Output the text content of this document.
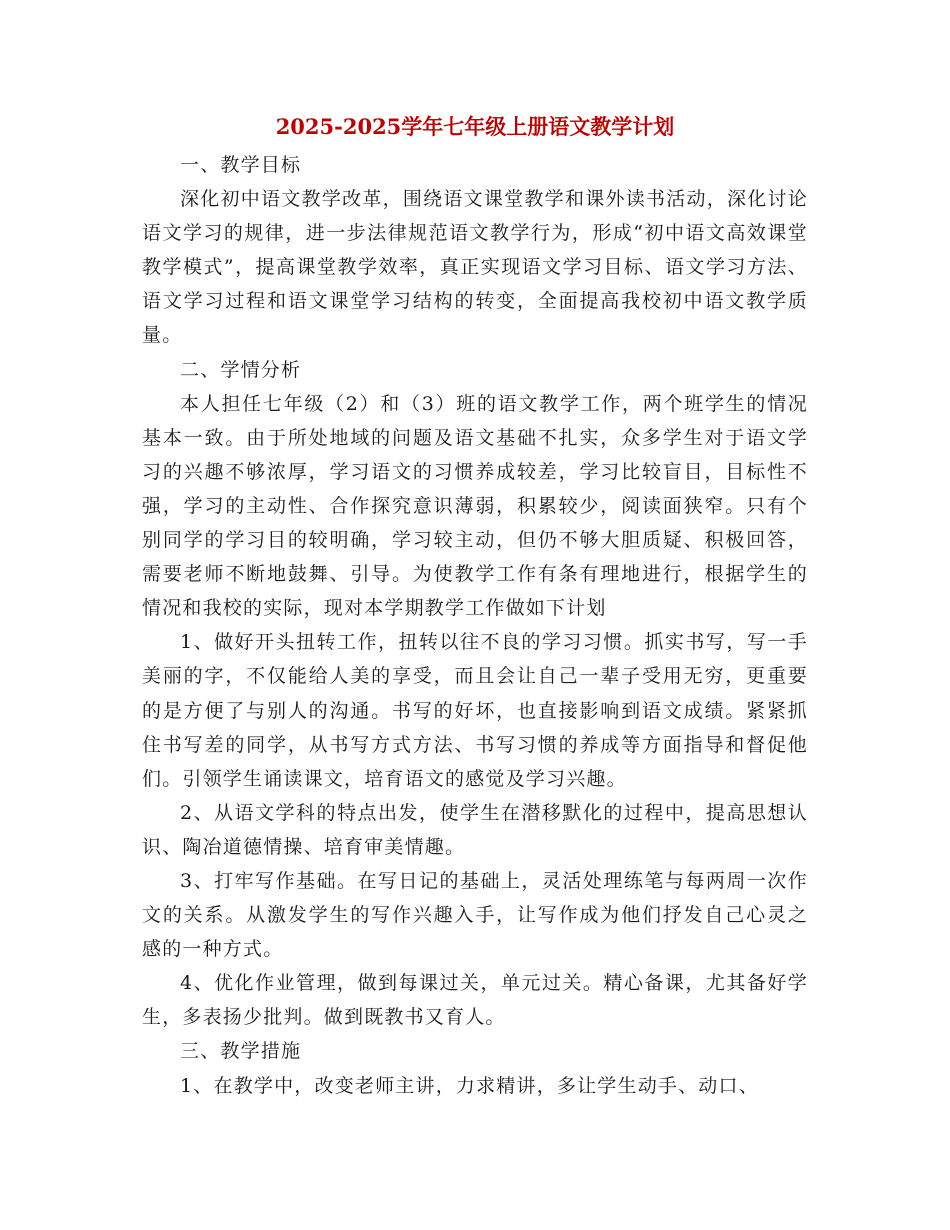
2025-2025学年七年级上册语文教学计划

一、教学目标

深化初中语文教学改革，围绕语文课堂教学和课外读书活动，深化讨论语文学习的规律，进一步法律规范语文教学行为，形成“初中语文高效课堂教学模式”，提高课堂教学效率，真正实现语文学习目标、语文学习方法、语文学习过程和语文课堂学习结构的转变，全面提高我校初中语文教学质量。

二、学情分析

本人担任七年级（2）和（3）班的语文教学工作，两个班学生的情况基本一致。由于所处地域的问题及语文基础不扎实，众多学生对于语文学习的兴趣不够浓厚，学习语文的习惯养成较差，学习比较盲目，目标性不强，学习的主动性、合作探究意识薄弱，积累较少，阅读面狭窄。只有个别同学的学习目的较明确，学习较主动，但仍不够大胆质疑、积极回答，需要老师不断地鼓舞、引导。为使教学工作有条有理地进行，根据学生的情况和我校的实际，现对本学期教学工作做如下计划

1、做好开头扭转工作，扭转以往不良的学习习惯。抓实书写，写一手美丽的字，不仅能给人美的享受，而且会让自己一辈子受用无穷，更重要的是方便了与别人的沟通。书写的好坏，也直接影响到语文成绩。紧紧抓住书写差的同学，从书写方式方法、书写习惯的养成等方面指导和督促他们。引领学生诵读课文，培育语文的感觉及学习兴趣。

2、从语文学科的特点出发，使学生在潜移默化的过程中，提高思想认识、陶冶道德情操、培育审美情趣。

3、打牢写作基础。在写日记的基础上，灵活处理练笔与每两周一次作文的关系。从激发学生的写作兴趣入手，让写作成为他们抒发自己心灵之感的一种方式。

4、优化作业管理，做到每课过关，单元过关。精心备课，尤其备好学生，多表扬少批判。做到既教书又育人。

三、教学措施

1、在教学中，改变老师主讲，力求精讲，多让学生动手、动口、
